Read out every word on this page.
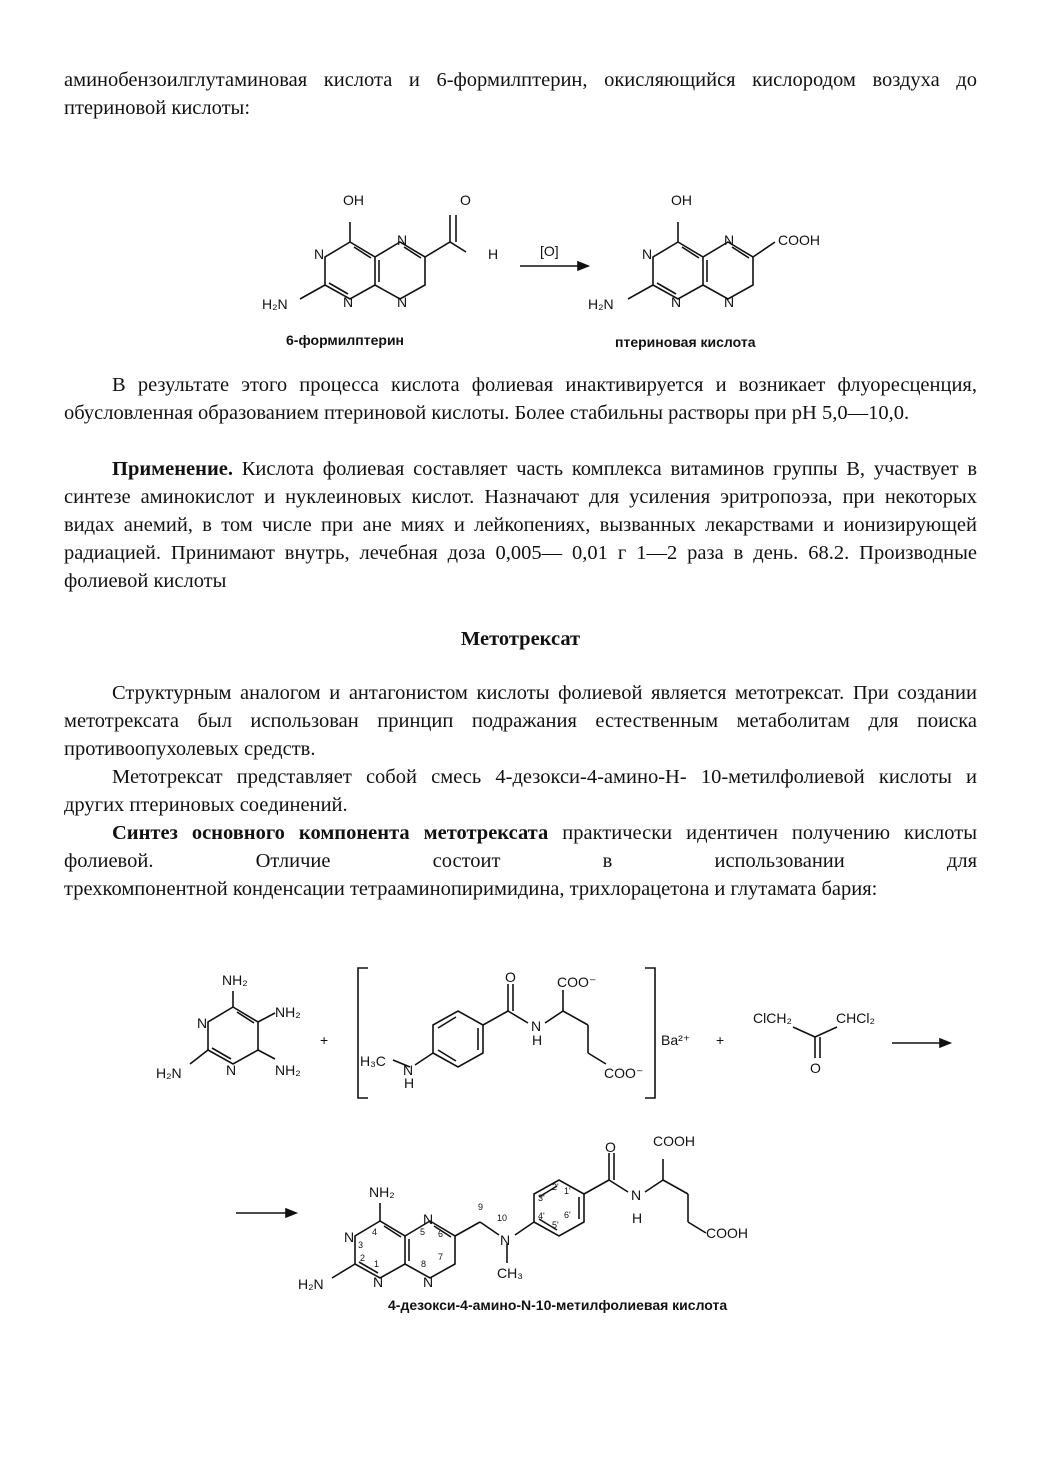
аминобензоилглутаминовая кислота и 6-формилптерин, окисляющийся кислородом воздуха до птериновой кислоты:

OH
N
N
N
N
O
H
H₂N
[O]
OH
N
N
N
N
COOH
H₂N
6-формилптерин	птериновая кислота

В результате этого процесса кислота фолиевая инактивируется и возникает флуоресценция, обусловленная образованием птериновой кислоты. Более стабильны растворы при pH 5,0—10,0.

Применение. Кислота фолиевая составляет часть комплекса витаминов группы B, участвует в синтезе аминокислот и нуклеиновых кислот. Назначают для усиления эритропоэза, при некоторых видах анемий, в том числе при ане миях и лейкопениях, вызванных лекарствами и ионизирующей радиацией. Принимают внутрь, лечебная доза 0,005— 0,01 г 1—2 раза в день. 68.2. Производные фолиевой кислоты

Метотрексат

Структурным аналогом и антагонистом кислоты фолиевой является метотрексат. При создании метотрексата был использован принцип подражания естественным метаболитам для поиска противоопухолевых средств.

Метотрексат представляет собой смесь 4-дезокси-4-амино-Н- 10-метилфолиевой кислоты и других птериновых соединений.

Синтез основного компонента метотрексата практически идентичен получению кислоты фолиевой. Отличие состоит в использовании для

трехкомпонентной конденсации тетрааминопиримидина, трихлорацетона и глутамата бария:

NH₂
NH₂
NH₂
H₂N
N
N
+
H₃C
N
H
O
N
H
COO⁻
COO⁻
Ba²⁺ +
ClCH₂	CHCl₂
O
NH₂
H₂N
N
N
N
N
N
CH₃
O
N
H
COOH
COOH
1
2
3
4	5 6
7
8
9
10
1'
2'
3'
4'
5'
6'
4-дезокси-4-амино-N-10-метилфолиевая кислота
